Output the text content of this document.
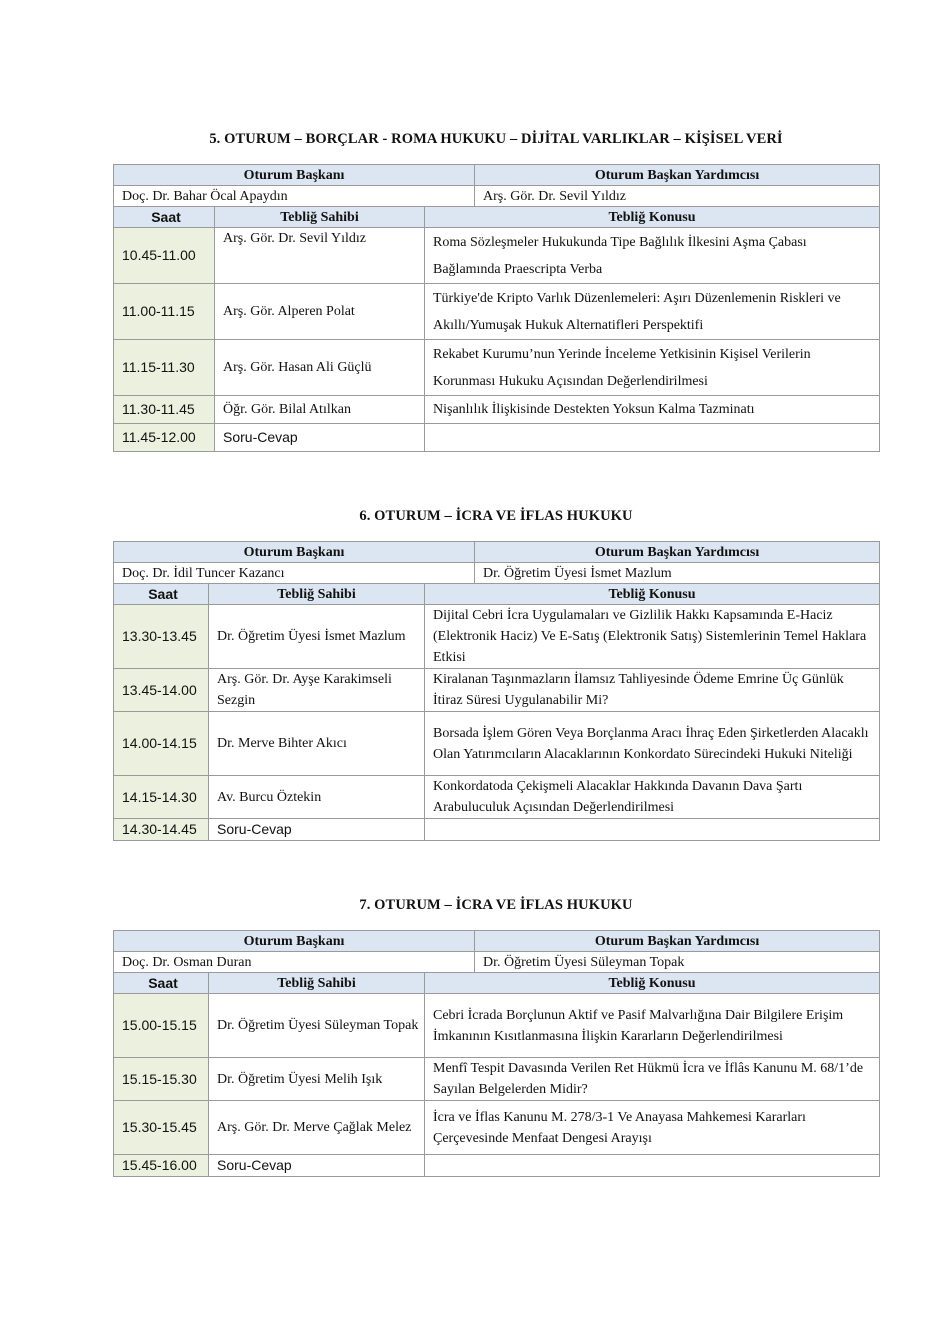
5. OTURUM – BORÇLAR - ROMA HUKUKU – DİJİTAL VARLIKLAR – KİŞİSEL VERİ
Oturum Başkanı			Oturum Başkan Yardımcısı
Doç. Dr. Bahar Öcal Apaydın			Arş. Gör. Dr. Sevil Yıldız
Saat	Tebliğ Sahibi	Tebliğ Konusu	
10.45-11.00	Arş. Gör. Dr. Sevil Yıldız	Roma Sözleşmeler Hukukunda Tipe Bağlılık İlkesini Aşma Çabası Bağlamında Praescripta Verba	
11.00-11.15	Arş. Gör. Alperen Polat	Türkiye'de Kripto Varlık Düzenlemeleri: Aşırı Düzenlemenin Riskleri ve Akıllı/Yumuşak Hukuk Alternatifleri Perspektifi	
11.15-11.30	Arş. Gör. Hasan Ali Güçlü	Rekabet Kurumu’nun Yerinde İnceleme Yetkisinin Kişisel Verilerin Korunması Hukuku Açısından Değerlendirilmesi	
11.30-11.45	Öğr. Gör. Bilal Atılkan	Nişanlılık İlişkisinde Destekten Yoksun Kalma Tazminatı	
11.45-12.00	Soru-Cevap		
6. OTURUM – İCRA VE İFLAS HUKUKU
Oturum Başkanı			Oturum Başkan Yardımcısı
Doç. Dr. İdil Tuncer Kazancı			Dr. Öğretim Üyesi İsmet Mazlum
Saat	Tebliğ Sahibi	Tebliğ Konusu	
13.30-13.45	Dr. Öğretim Üyesi İsmet Mazlum	Dijital Cebri İcra Uygulamaları ve Gizlilik Hakkı Kapsamında E-Haciz (Elektronik Haciz) Ve E-Satış (Elektronik Satış) Sistemlerinin Temel Haklara Etkisi	
13.45-14.00	Arş. Gör. Dr. Ayşe Karakimseli Sezgin	Kiralanan Taşınmazların İlamsız Tahliyesinde Ödeme Emrine Üç Günlük İtiraz Süresi Uygulanabilir Mi?	
14.00-14.15	Dr. Merve Bihter Akıcı	Borsada İşlem Gören Veya Borçlanma Aracı İhraç Eden Şirketlerden Alacaklı Olan Yatırımcıların Alacaklarının Konkordato Sürecindeki Hukuki Niteliği	
14.15-14.30	Av. Burcu Öztekin	Konkordatoda Çekişmeli Alacaklar Hakkında Davanın Dava Şartı Arabuluculuk Açısından Değerlendirilmesi	
14.30-14.45	Soru-Cevap		
7. OTURUM – İCRA VE İFLAS HUKUKU
Oturum Başkanı			Oturum Başkan Yardımcısı
Doç. Dr. Osman Duran			Dr. Öğretim Üyesi Süleyman Topak
Saat	Tebliğ Sahibi	Tebliğ Konusu	
15.00-15.15	Dr. Öğretim Üyesi Süleyman Topak	Cebri İcrada Borçlunun Aktif ve Pasif Malvarlığına Dair Bilgilere Erişim İmkanının Kısıtlanmasına İlişkin Kararların Değerlendirilmesi	
15.15-15.30	Dr. Öğretim Üyesi Melih Işık	Menfî Tespit Davasında Verilen Ret Hükmü İcra ve İflâs Kanunu M. 68/1’de Sayılan Belgelerden Midir?	
15.30-15.45	Arş. Gör. Dr. Merve Çağlak Melez	İcra ve İflas Kanunu M. 278/3-1 Ve Anayasa Mahkemesi Kararları Çerçevesinde Menfaat Dengesi Arayışı	
15.45-16.00	Soru-Cevap		
